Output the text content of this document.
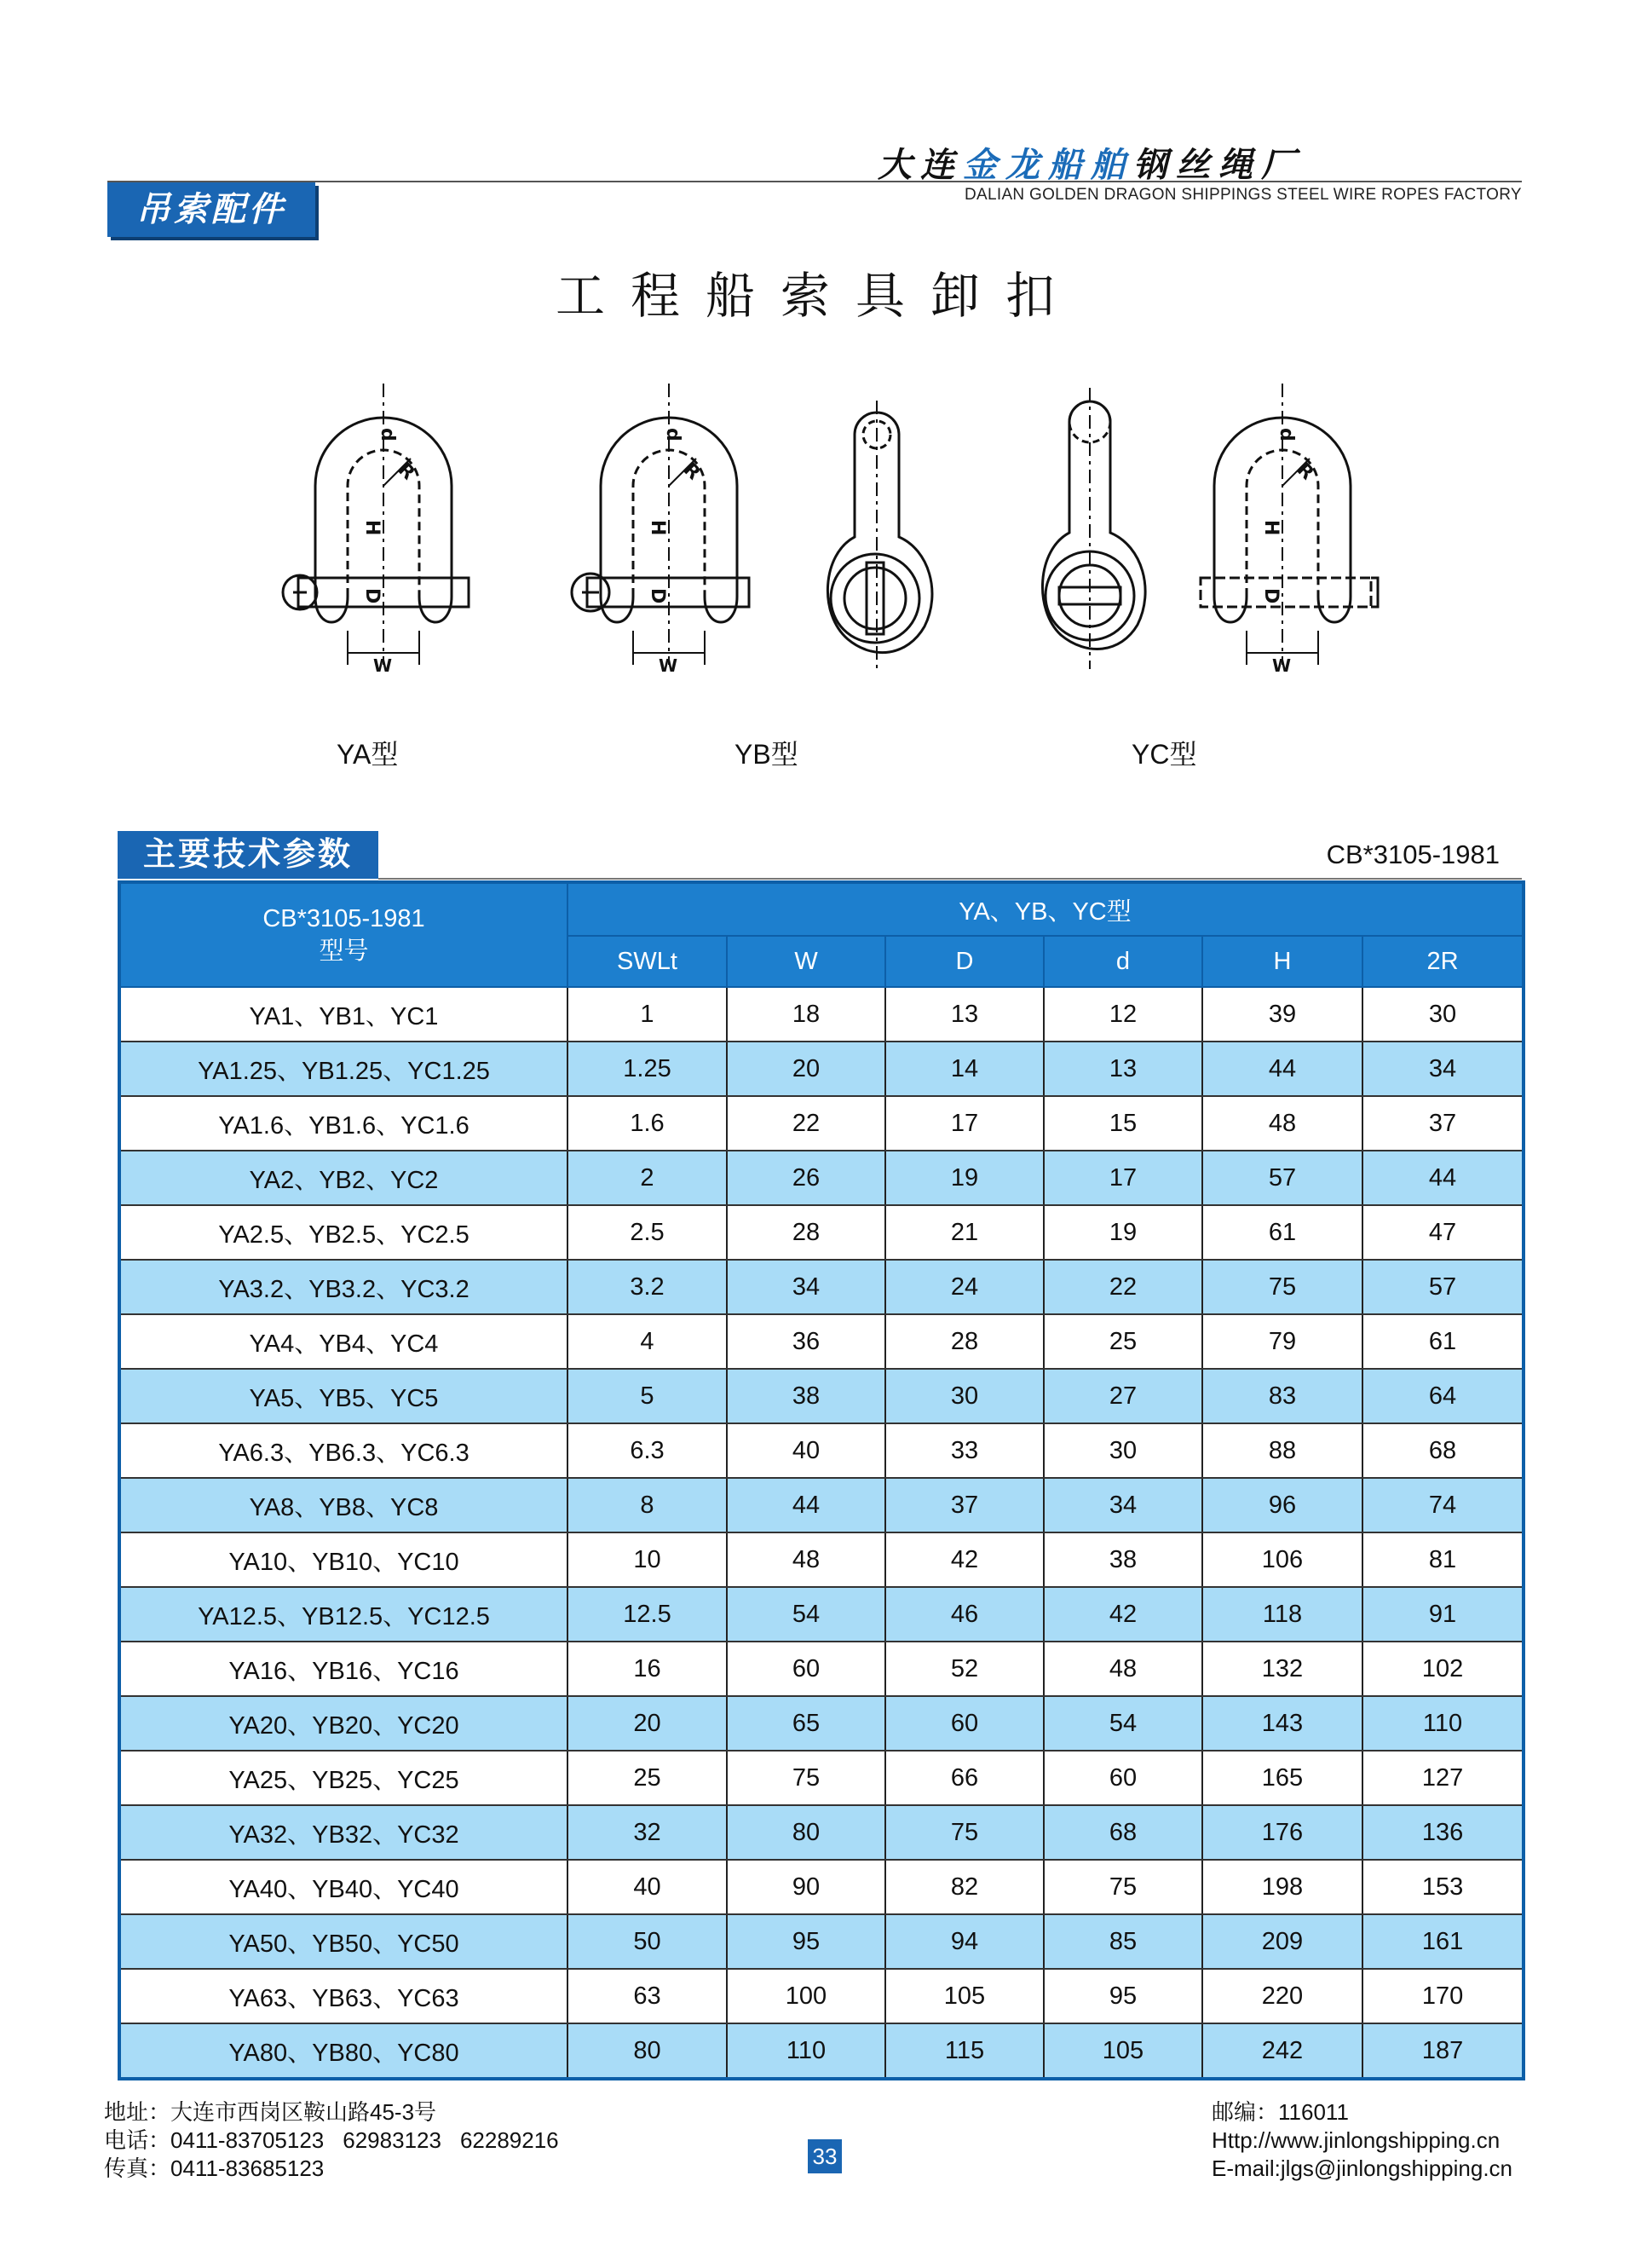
大连金龙船舶钢丝绳厂
DALIAN GOLDEN DRAGON SHIPPINGS STEEL WIRE ROPES FACTORY
吊索配件
工程船索具卸扣
d
R
H
D
W
d
R
H
D
W
d
R
H
D
W
YA型	YB型	YC型
主要技术参数	CB*3105-1981
CB*3105-1981
型号	YA、YB、YC型					
	SWLt	W	D	d	H	2R
YA1、YB1、YC1	1	18	13	12	39	30
YA1.25、YB1.25、YC1.25	1.25	20	14	13	44	34
YA1.6、YB1.6、YC1.6	1.6	22	17	15	48	37
YA2、YB2、YC2	2	26	19	17	57	44
YA2.5、YB2.5、YC2.5	2.5	28	21	19	61	47
YA3.2、YB3.2、YC3.2	3.2	34	24	22	75	57
YA4、YB4、YC4	4	36	28	25	79	61
YA5、YB5、YC5	5	38	30	27	83	64
YA6.3、YB6.3、YC6.3	6.3	40	33	30	88	68
YA8、YB8、YC8	8	44	37	34	96	74
YA10、YB10、YC10	10	48	42	38	106	81
YA12.5、YB12.5、YC12.5	12.5	54	46	42	118	91
YA16、YB16、YC16	16	60	52	48	132	102
YA20、YB20、YC20	20	65	60	54	143	110
YA25、YB25、YC25	25	75	66	60	165	127
YA32、YB32、YC32	32	80	75	68	176	136
YA40、YB40、YC40	40	90	82	75	198	153
YA50、YB50、YC50	50	95	94	85	209	161
YA63、YB63、YC63	63	100	105	95	220	170
YA80、YB80、YC80	80	110	115	105	242	187
地址：大连市西岗区鞍山路45-3号
电话：0411-83705123 62983123 62289216
传真：0411-83685123	33
邮编：116011
Http://www.jinlongshipping.cn
E-mail:jlgs@jinlongshipping.cn
